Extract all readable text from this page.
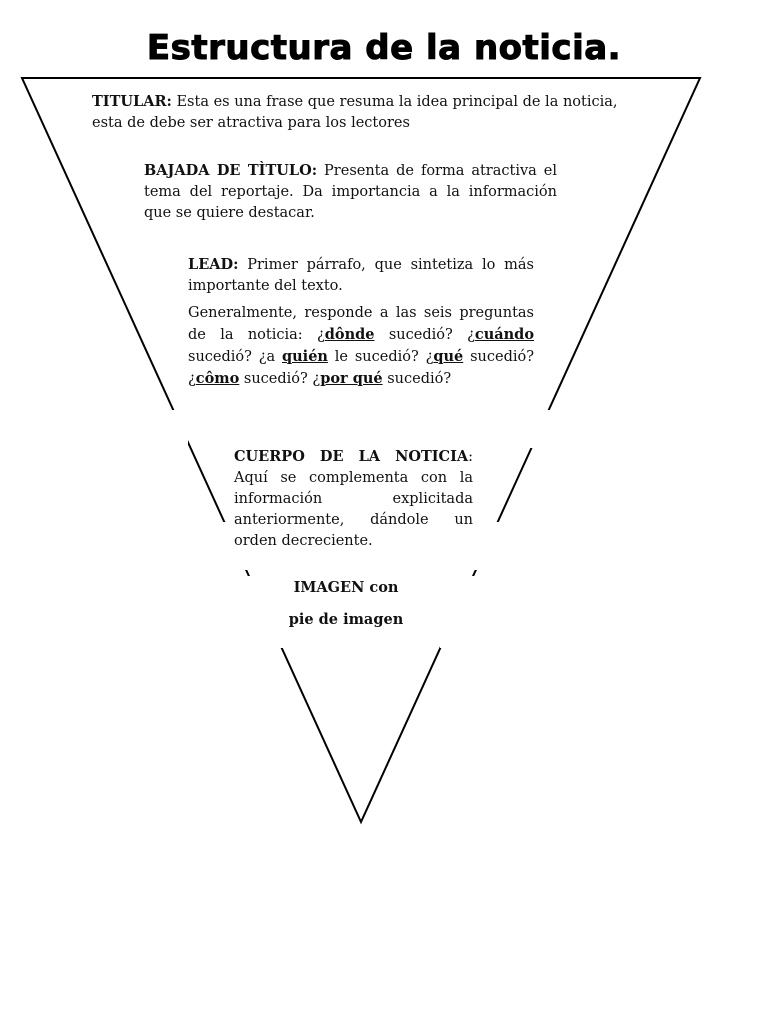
Estructura de la noticia.

TITULAR: Esta es una frase que resuma la idea principal de la noticia, esta de debe ser atractiva para los lectores

BAJADA DE TÌTULO: Presenta de forma atractiva el tema del reportaje. Da importancia a la información que se quiere destacar.

LEAD: Primer párrafo, que sintetiza lo más importante del texto.

Generalmente, responde a las seis preguntas de la noticia: ¿dônde sucedió? ¿cuándo sucedió? ¿a quién le sucedió? ¿qué sucedió? ¿cômo sucedió? ¿por qué sucedió?

CUERPO DE LA NOTICIA: Aquí se complementa con la información explicitada anteriormente, dándole un orden decreciente.

IMAGEN con
pie de imagen
